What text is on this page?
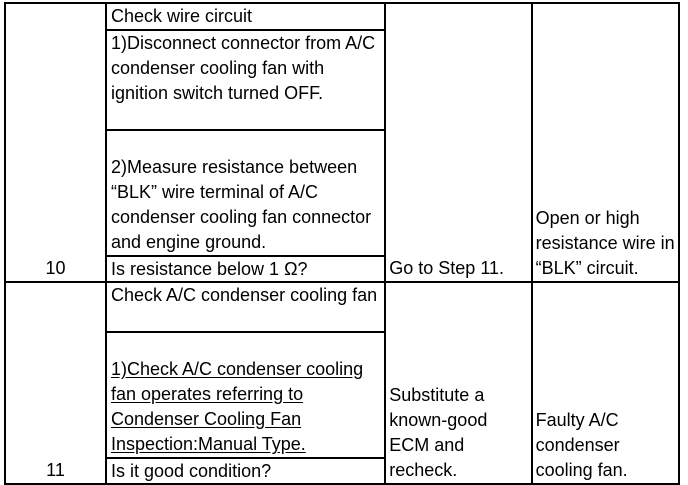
10	Check wire circuit
1)Disconnect connector from A/C condenser cooling fan with ignition switch turned OFF.
2)Measure resistance between “BLK” wire terminal of A/C condenser cooling fan connector and engine ground.
Is resistance below 1 Ω?	Go to Step 11.	Open or high resistance wire in “BLK” circuit.
11	Check A/C condenser cooling fan
1)Check A/C condenser cooling fan operates referring to Condenser Cooling Fan Inspection:Manual Type.
Is it good condition?	Substitute a known-good ECM and recheck.	Faulty A/C condenser cooling fan.
